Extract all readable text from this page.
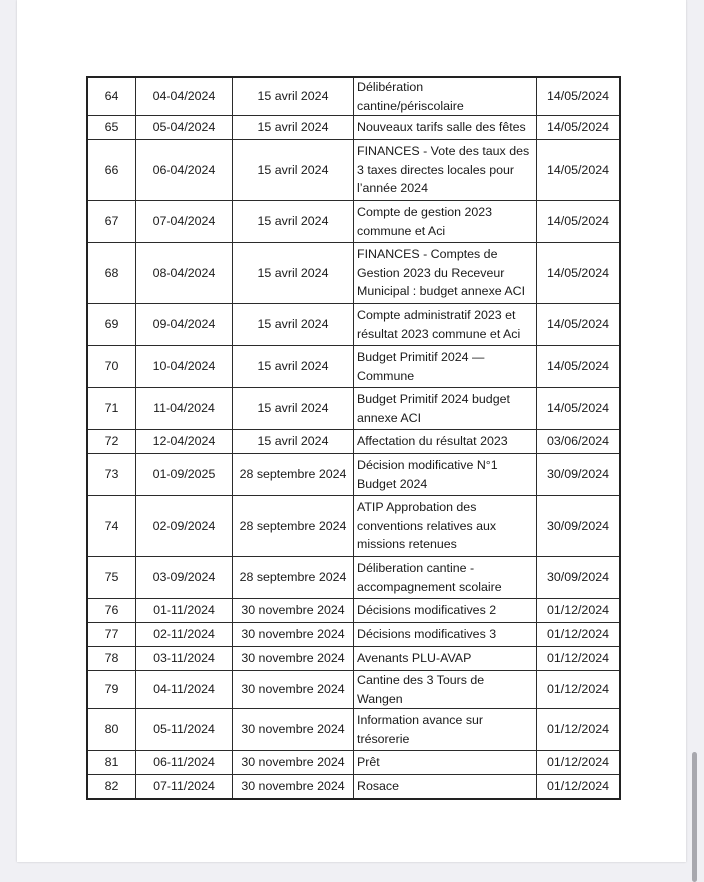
64	04-04/2024	15 avril 2024	Délibération cantine/périscolaire	14/05/2024
65	05-04/2024	15 avril 2024	Nouveaux tarifs salle des fêtes	14/05/2024
66	06-04/2024	15 avril 2024	FINANCES - Vote des taux des 3 taxes directes locales pour l’année 2024	14/05/2024
67	07-04/2024	15 avril 2024	Compte de gestion 2023 commune et Aci	14/05/2024
68	08-04/2024	15 avril 2024	FINANCES - Comptes de Gestion 2023 du Receveur Municipal : budget annexe ACI	14/05/2024
69	09-04/2024	15 avril 2024	Compte administratif 2023 et résultat 2023 commune et Aci	14/05/2024
70	10-04/2024	15 avril 2024	Budget Primitif 2024 — Commune	14/05/2024
71	11-04/2024	15 avril 2024	Budget Primitif 2024 budget annexe ACI	14/05/2024
72	12-04/2024	15 avril 2024	Affectation du résultat 2023	03/06/2024
73	01-09/2025	28 septembre 2024	Décision modificative N°1 Budget 2024	30/09/2024
74	02-09/2024	28 septembre 2024	ATIP Approbation des conventions relatives aux missions retenues	30/09/2024
75	03-09/2024	28 septembre 2024	Déliberation cantine - accompagnement scolaire	30/09/2024
76	01-11/2024	30 novembre 2024	Décisions modificatives 2	01/12/2024
77	02-11/2024	30 novembre 2024	Décisions modificatives 3	01/12/2024
78	03-11/2024	30 novembre 2024	Avenants PLU-AVAP	01/12/2024
79	04-11/2024	30 novembre 2024	Cantine des 3 Tours de Wangen	01/12/2024
80	05-11/2024	30 novembre 2024	Information avance sur trésorerie	01/12/2024
81	06-11/2024	30 novembre 2024	Prêt	01/12/2024
82	07-11/2024	30 novembre 2024	Rosace	01/12/2024
